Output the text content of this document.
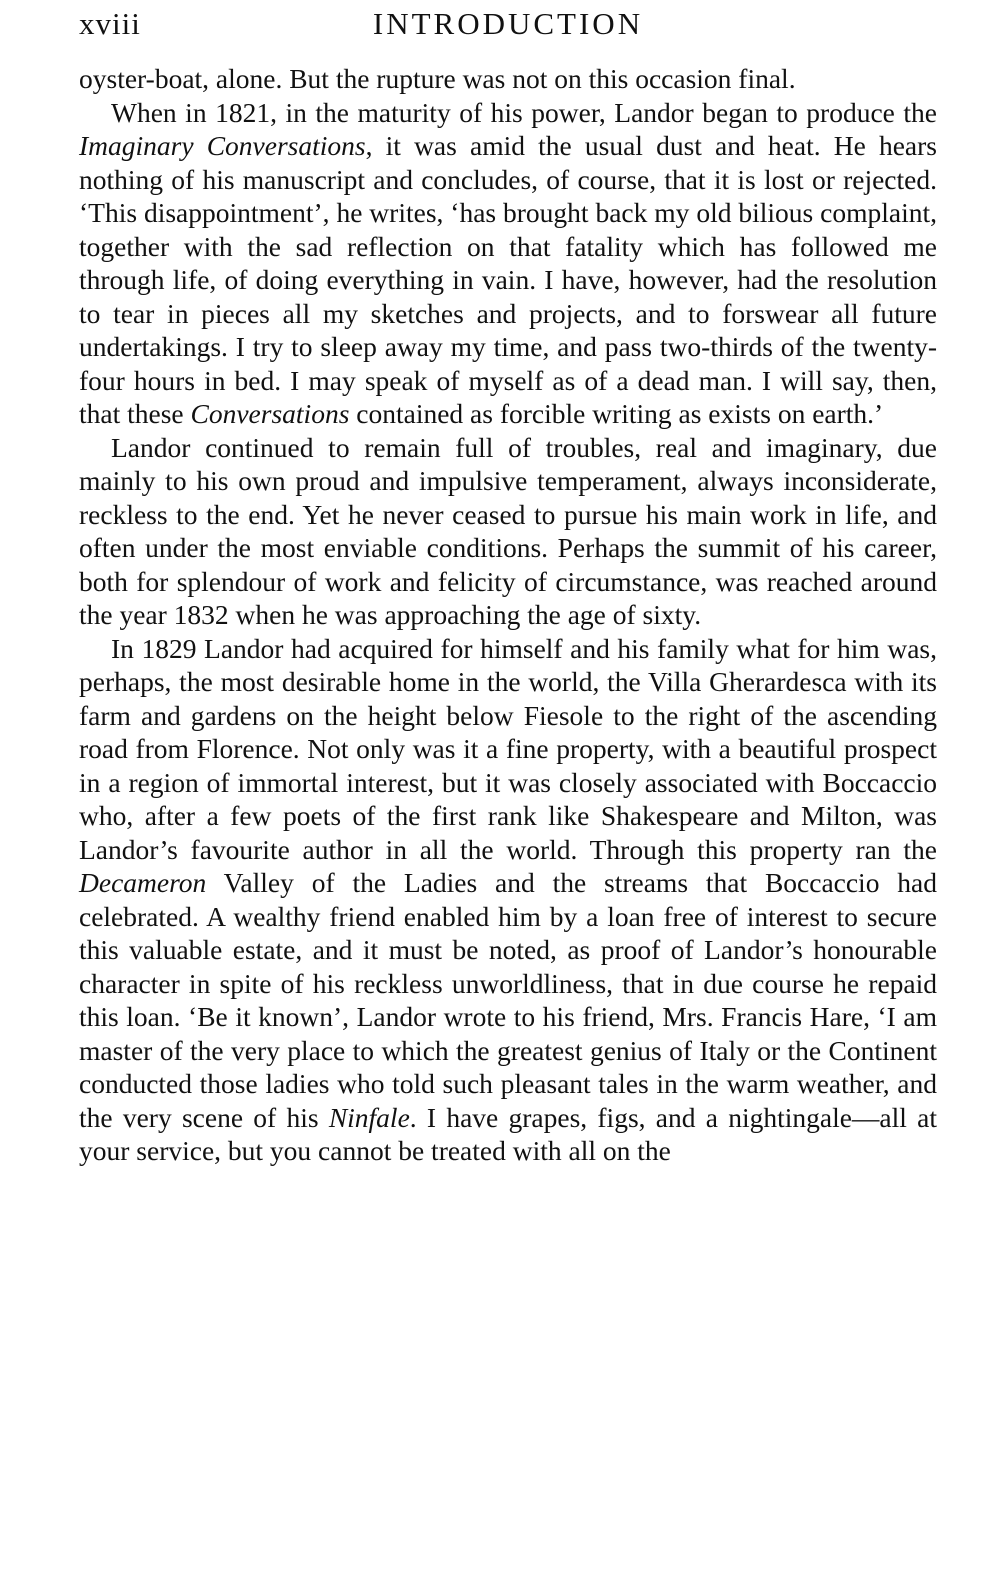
xviii	INTRODUCTION

oyster-boat, alone. But the rupture was not on this occasion final.

When in 1821, in the maturity of his power, Landor began to produce the Imaginary Conversations, it was amid the usual dust and heat. He hears nothing of his manuscript and concludes, of course, that it is lost or rejected. ‘This disappointment’, he writes, ‘has brought back my old bilious complaint, together with the sad reflection on that fatality which has followed me through life, of doing everything in vain. I have, however, had the resolution to tear in pieces all my sketches and projects, and to forswear all future undertakings. I try to sleep away my time, and pass two-thirds of the twenty-four hours in bed. I may speak of myself as of a dead man. I will say, then, that these Conversations contained as forcible writing as exists on earth.’

Landor continued to remain full of troubles, real and imaginary, due mainly to his own proud and impulsive temperament, always inconsiderate, reckless to the end. Yet he never ceased to pursue his main work in life, and often under the most enviable conditions. Perhaps the summit of his career, both for splendour of work and felicity of circumstance, was reached around the year 1832 when he was approaching the age of sixty.

In 1829 Landor had acquired for himself and his family what for him was, perhaps, the most desirable home in the world, the Villa Gherardesca with its farm and gardens on the height below Fiesole to the right of the ascending road from Florence. Not only was it a fine property, with a beautiful prospect in a region of immortal interest, but it was closely associated with Boccaccio who, after a few poets of the first rank like Shakespeare and Milton, was Landor’s favourite author in all the world. Through this property ran the Decameron Valley of the Ladies and the streams that Boccaccio had celebrated. A wealthy friend enabled him by a loan free of interest to secure this valuable estate, and it must be noted, as proof of Landor’s honourable character in spite of his reckless unworldliness, that in due course he repaid this loan. ‘Be it known’, Landor wrote to his friend, Mrs. Francis Hare, ‘I am master of the very place to which the greatest genius of Italy or the Continent conducted those ladies who told such pleasant tales in the warm weather, and the very scene of his Ninfale. I have grapes, figs, and a nightingale—all at your service, but you cannot be treated with all on the
